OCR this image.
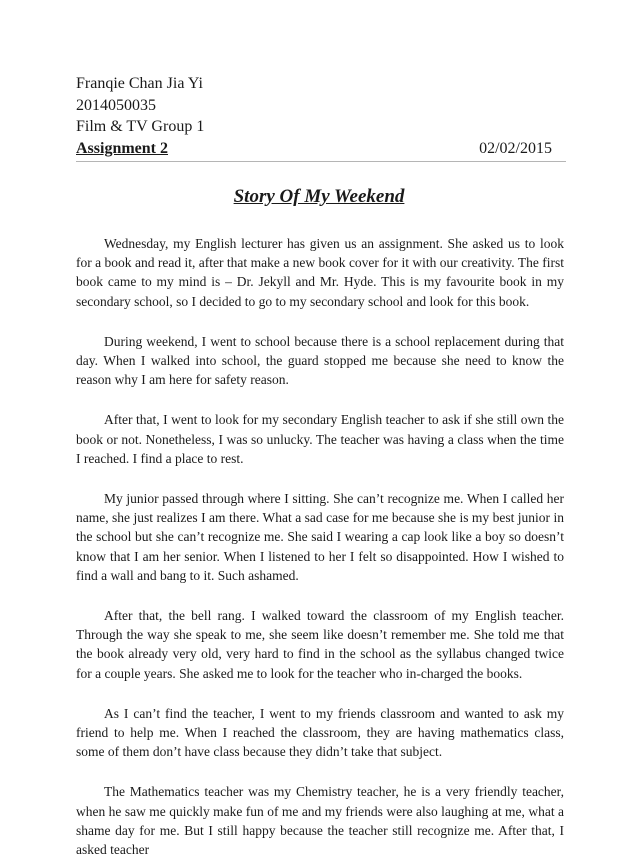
Franqie Chan Jia Yi
2014050035
Film & TV Group 1
Assignment 2	02/02/2015
Story Of My Weekend

Wednesday, my English lecturer has given us an assignment. She asked us to look for a book and read it, after that make a new book cover for it with our creativity. The first book came to my mind is – Dr. Jekyll and Mr. Hyde. This is my favourite book in my secondary school, so I decided to go to my secondary school and look for this book.

During weekend, I went to school because there is a school replacement during that day. When I walked into school, the guard stopped me because she need to know the reason why I am here for safety reason.

After that, I went to look for my secondary English teacher to ask if she still own the book or not. Nonetheless, I was so unlucky. The teacher was having a class when the time I reached. I find a place to rest.

My junior passed through where I sitting. She can’t recognize me. When I called her name, she just realizes I am there. What a sad case for me because she is my best junior in the school but she can’t recognize me. She said I wearing a cap look like a boy so doesn’t know that I am her senior. When I listened to her I felt so disappointed. How I wished to find a wall and bang to it. Such ashamed.

After that, the bell rang. I walked toward the classroom of my English teacher. Through the way she speak to me, she seem like doesn’t remember me. She told me that the book already very old, very hard to find in the school as the syllabus changed twice for a couple years. She asked me to look for the teacher who in-charged the books.

As I can’t find the teacher, I went to my friends classroom and wanted to ask my friend to help me. When I reached the classroom, they are having mathematics class, some of them don’t have class because they didn’t take that subject.

The Mathematics teacher was my Chemistry teacher, he is a very friendly teacher, when he saw me quickly make fun of me and my friends were also laughing at me, what a shame day for me. But I still happy because the teacher still recognize me. After that, I asked teacher
